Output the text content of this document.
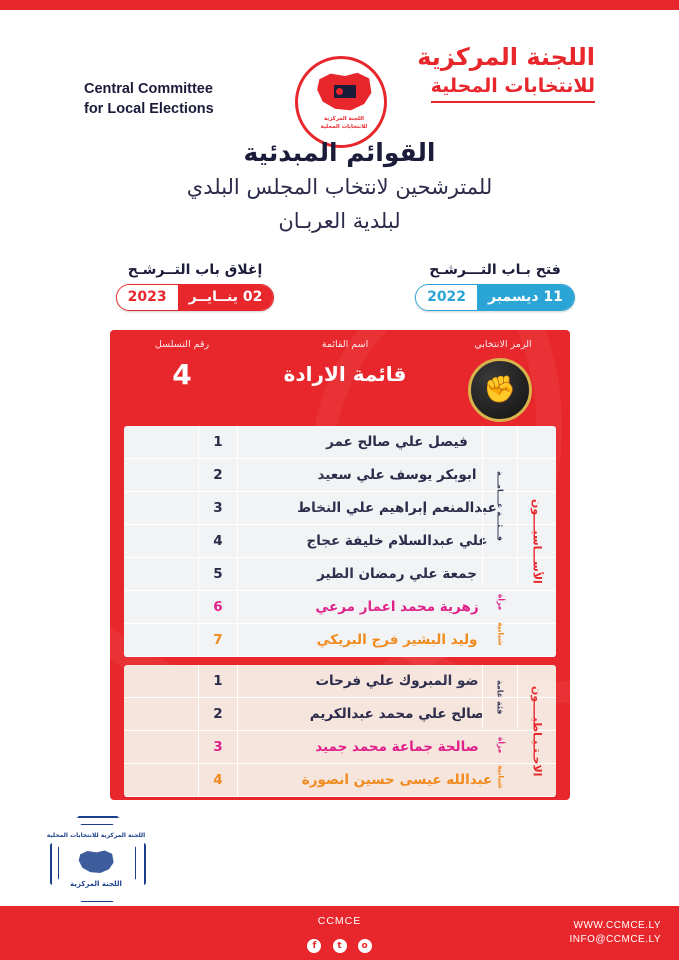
Central Committee
for Local Elections
اللجنة المركزية
للانتخابات المحلية
اللجنة المركزية
للانتخابات المحلية
القوائم المبدئية
للمترشحين لانتخاب المجلس البلدي
لبلدية العربـان
فتح بـاب التـــرشـح
11 ديسمبر2022
إغلاق باب التــرشـح
02 ينــايــر2023
الرمز الانتخابي
اسم القائمة
رقم التسلسل
✊
قائمة الارادة
4
فيصل علي صالح عمر
1
ابوبكر يوسف علي سعيد
2
عبدالمنعم إبراهيم علي النخاط
3
علي عبدالسلام خليفة عجاج
4
جمعة علي رمضان الطير
5
زهرية محمد اعمار مرعي
6
وليد البشير فرج البريكي
7
فـــئـــة عــــامـــة
مرأة
شبابية
الأســـاسيــــون
ضو المبروك علي فرحات
1
صالح علي محمد عبدالكريم
2
صالحة جماعة محمد جميد
3
عبدالله عيسى حسين انصورة
4
فئة عامة
مرأة
شبابية
الاحـتـيـاطيــــون
اللجنة المركزية للانتخابات المحلية
اللجنة المركزية
CCMCE
f t o
WWW.CCMCE.LY
INFO@CCMCE.LY
